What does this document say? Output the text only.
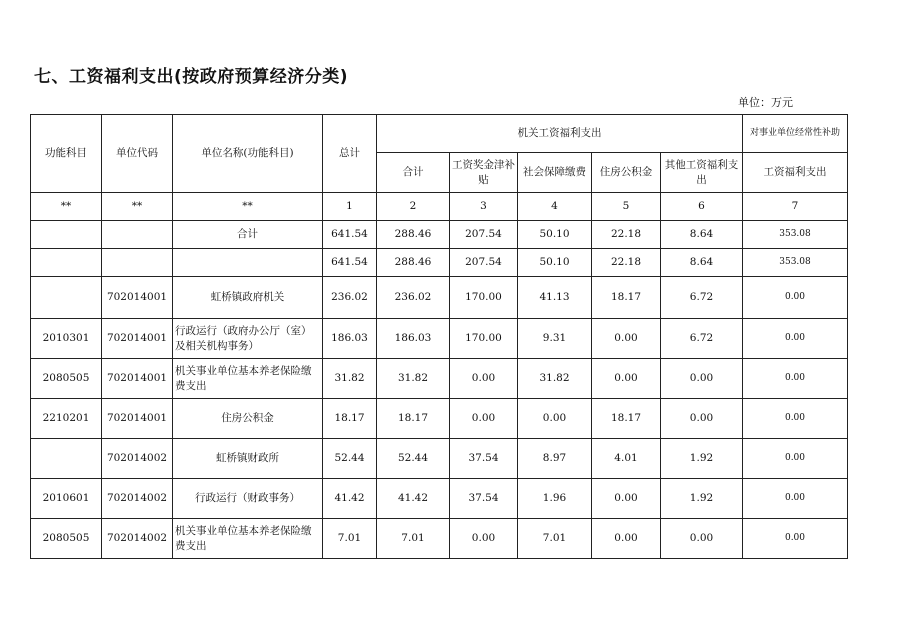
七、工资福利支出(按政府预算经济分类)
单位：万元
功能科目	单位代码	单位名称(功能科目)	总计	机关工资福利支出					对事业单位经常性补助
				合计	工资奖金津补贴	社会保障缴费	住房公积金	其他工资福利支出	工资福利支出
**	**	**	1	2	3	4	5	6	7
		合计	641.54	288.46	207.54	50.10	22.18	8.64	353.08
			641.54	288.46	207.54	50.10	22.18	8.64	353.08
	702014001	虹桥镇政府机关	236.02	236.02	170.00	41.13	18.17	6.72	0.00
2010301	702014001	行政运行（政府办公厅（室）及相关机构事务）	186.03	186.03	170.00	9.31	0.00	6.72	0.00
2080505	702014001	机关事业单位基本养老保险缴费支出	31.82	31.82	0.00	31.82	0.00	0.00	0.00
2210201	702014001	住房公积金	18.17	18.17	0.00	0.00	18.17	0.00	0.00
	702014002	虹桥镇财政所	52.44	52.44	37.54	8.97	4.01	1.92	0.00
2010601	702014002	行政运行（财政事务）	41.42	41.42	37.54	1.96	0.00	1.92	0.00
2080505	702014002	机关事业单位基本养老保险缴费支出	7.01	7.01	0.00	7.01	0.00	0.00	0.00
